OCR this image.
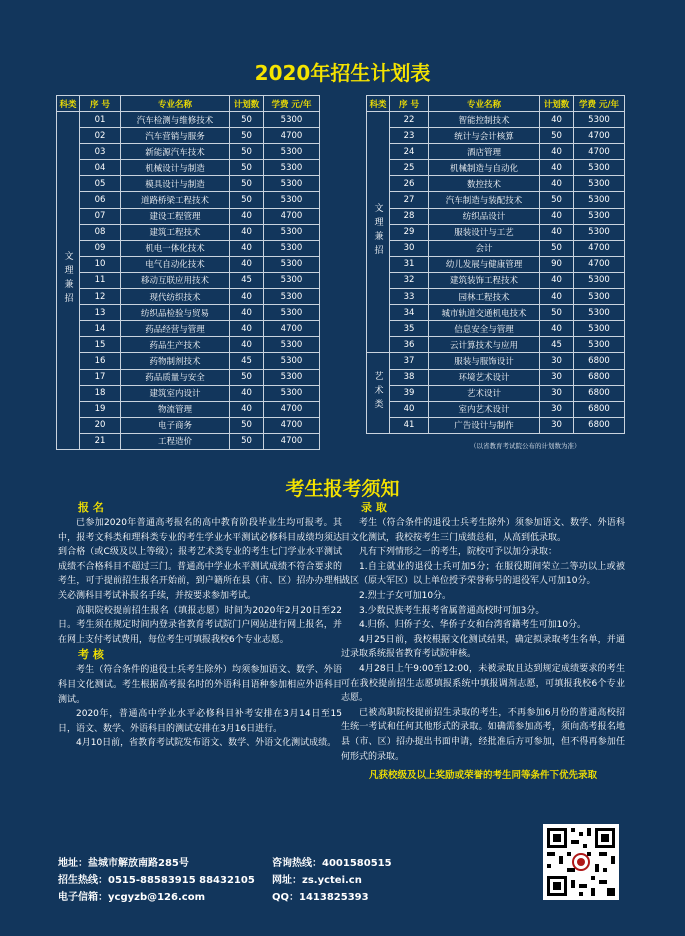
2020年招生计划表
科类	序 号	专业名称	计划数	学费 元/年
文理兼招	01	汽车检测与维修技术	50	5300
	02	汽车营销与服务	50	4700
	03	新能源汽车技术	50	5300
	04	机械设计与制造	50	5300
	05	模具设计与制造	50	5300
	06	道路桥梁工程技术	50	5300
	07	建设工程管理	40	4700
	08	建筑工程技术	40	5300
	09	机电一体化技术	40	5300
	10	电气自动化技术	40	5300
	11	移动互联应用技术	45	5300
	12	现代纺织技术	40	5300
	13	纺织品检验与贸易	40	5300
	14	药品经营与管理	40	4700
	15	药品生产技术	40	5300
	16	药物制剂技术	45	5300
	17	药品质量与安全	50	5300
	18	建筑室内设计	40	5300
	19	物流管理	40	4700
	20	电子商务	50	4700
	21	工程造价	50	4700
科类	序 号	专业名称	计划数	学费 元/年
文理兼招	22	智能控制技术	40	5300
	23	统计与会计核算	50	4700
	24	酒店管理	40	4700
	25	机械制造与自动化	40	5300
	26	数控技术	40	5300
	27	汽车制造与装配技术	50	5300
	28	纺织品设计	40	5300
	29	服装设计与工艺	40	5300
	30	会计	50	4700
	31	幼儿发展与健康管理	90	4700
	32	建筑装饰工程技术	40	5300
	33	园林工程技术	40	5300
	34	城市轨道交通机电技术	50	5300
	35	信息安全与管理	40	5300
	36	云计算技术与应用	45	5300
艺术类	37	服装与服饰设计	30	6800
	38	环境艺术设计	30	6800
	39	艺术设计	30	6800
	40	室内艺术设计	30	6800
	41	广告设计与制作	30	6800
（以省教育考试院公布的计划数为准）
考生报考须知
报 名

已参加2020年普通高考报名的高中教育阶段毕业生均可报考。其中，报考文科类和理科类专业的考生学业水平测试必修科目成绩均须达到合格（或C级及以上等级）；报考艺术类专业的考生七门学业水平测试成绩不合格科目不超过三门。普通高中学业水平测试成绩不符合要求的考生，可于提前招生报名开始前，到户籍所在县（市、区）招办办理相关必测科目考试补报名手续，并按要求参加考试。

高职院校提前招生报名（填报志愿）时间为2020年2月20日至22日。考生须在规定时间内登录省教育考试院门户网站进行网上报名，并在网上支付考试费用，每位考生可填报我校6个专业志愿。

考 核

考生（符合条件的退役士兵考生除外）均须参加语文、数学、外语科目文化测试。考生根据高考报名时的外语科目语种参加相应外语科目测试。

2020年，普通高中学业水平必修科目补考安排在3月14日至15日，语文、数学、外语科目的测试安排在3月16日进行。

4月10日前，省教育考试院发布语文、数学、外语文化测试成绩。

录 取

考生（符合条件的退役士兵考生除外）须参加语文、数学、外语科目文化测试，我校按考生三门成绩总和，从高到低录取。

凡有下列情形之一的考生，院校可予以加分录取：

1.自主就业的退役士兵可加5分；在服役期间荣立二等功以上或被战区（原大军区）以上单位授予荣誉称号的退役军人可加10分。

2.烈士子女可加10分。

3.少数民族考生报考省属普通高校时可加3分。

4.归侨、归侨子女、华侨子女和台湾省籍考生可加10分。

4月25日前，我校根据文化测试结果，确定拟录取考生名单，并通过录取系统报省教育考试院审核。

4月28日上午9:00至12:00，未被录取且达到规定成绩要求的考生可在我校提前招生志愿填报系统中填报调剂志愿，可填报我校6个专业志愿。

已被高职院校提前招生录取的考生，不再参加6月份的普通高校招生统一考试和任何其他形式的录取。如确需参加高考，须向高考报名地县（市、区）招办提出书面申请，经批准后方可参加，但不得再参加任何形式的录取。

凡获校级及以上奖励或荣誉的考生同等条件下优先录取
地址：盐城市解放南路285号
招生热线：0515-88583915 88432105
电子信箱：ycgyzb@126.com
咨询热线：4001580515
网址：zs.yctei.cn
QQ：1413825393
